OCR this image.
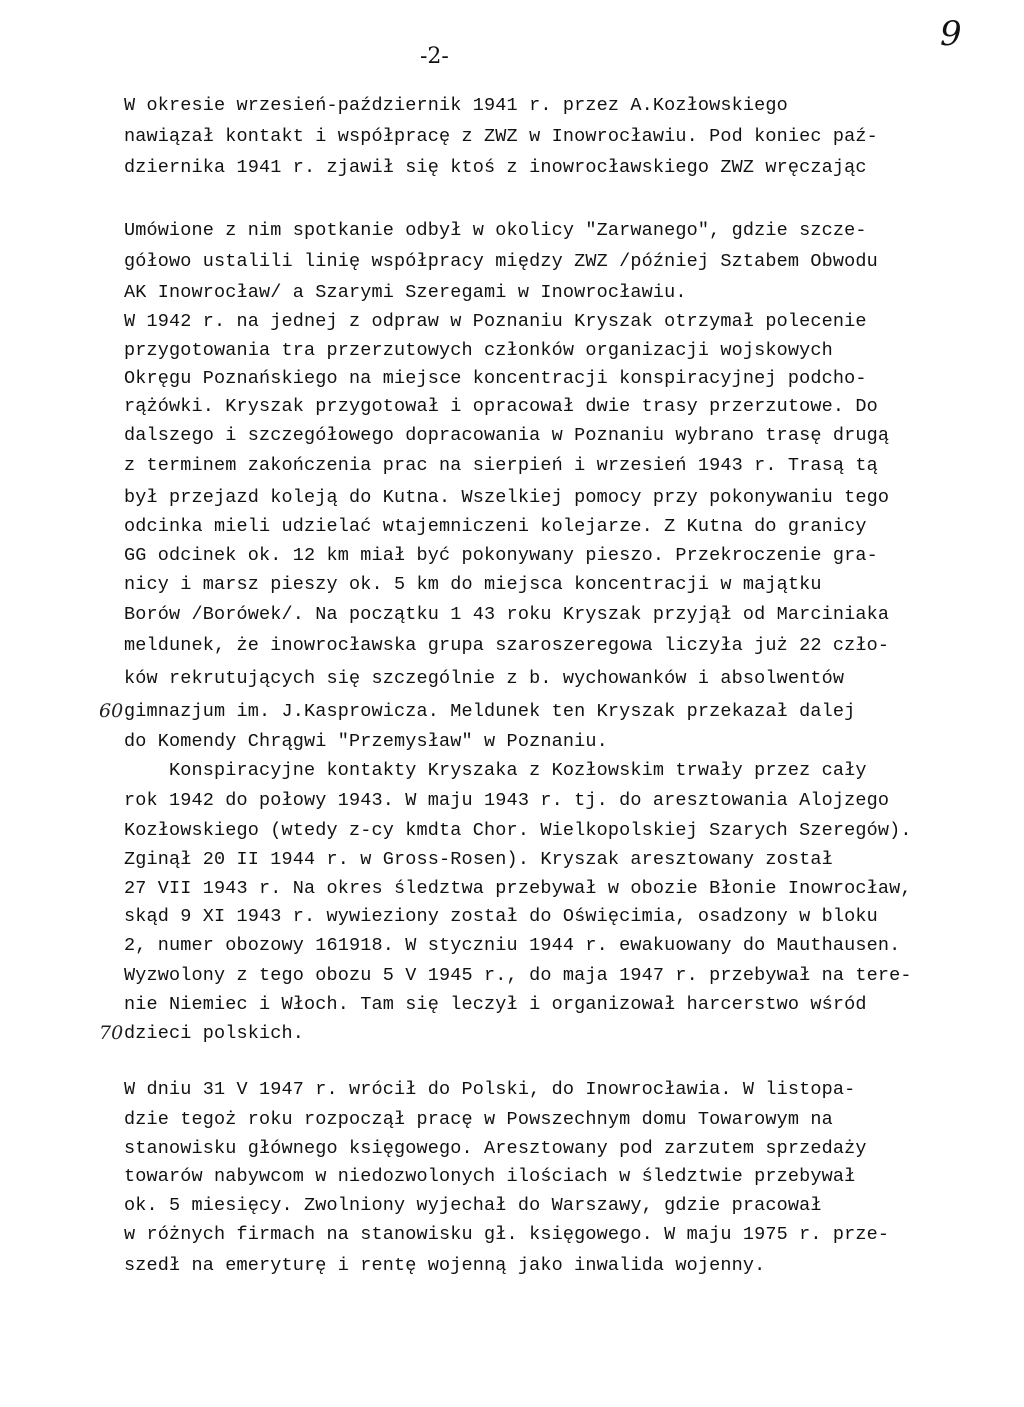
-2-
9
60
70
W okresie wrzesień-październik 1941 r. przez A.Kozłowskiego
nawiązał kontakt i współpracę z ZWZ w Inowrocławiu. Pod koniec paź-
dziernika 1941 r. zjawił się ktoś z inowrocławskiego ZWZ wręczając
Umówione z nim spotkanie odbył w okolicy "Zarwanego", gdzie szcze-
gółowo ustalili linię współpracy między ZWZ /później Sztabem Obwodu
AK Inowrocław/ a Szarymi Szeregami w Inowrocławiu.
W 1942 r. na jednej z odpraw w Poznaniu Kryszak otrzymał polecenie
przygotowania tra przerzutowych członków organizacji wojskowych
Okręgu Poznańskiego na miejsce koncentracji konspiracyjnej podcho-
rążówki. Kryszak przygotował i opracował dwie trasy przerzutowe. Do
dalszego i szczegółowego dopracowania w Poznaniu wybrano trasę drugą
z terminem zakończenia prac na sierpień i wrzesień 1943 r. Trasą tą
był przejazd koleją do Kutna. Wszelkiej pomocy przy pokonywaniu tego
odcinka mieli udzielać wtajemniczeni kolejarze. Z Kutna do granicy
GG odcinek ok. 12 km miał być pokonywany pieszo. Przekroczenie gra-
nicy i marsz pieszy ok. 5 km do miejsca koncentracji w majątku
Borów /Borówek/. Na początku 1 43 roku Kryszak przyjął od Marciniaka
meldunek, że inowrocławska grupa szaroszeregowa liczyła już 22 czło-
ków rekrutujących się szczególnie z b. wychowanków i absolwentów
gimnazjum im. J.Kasprowicza. Meldunek ten Kryszak przekazał dalej
do Komendy Chrągwi "Przemysław" w Poznaniu.
Konspiracyjne kontakty Kryszaka z Kozłowskim trwały przez cały
rok 1942 do połowy 1943. W maju 1943 r. tj. do aresztowania Alojzego
Kozłowskiego (wtedy z-cy kmdta Chor. Wielkopolskiej Szarych Szeregów).
Zginął 20 II 1944 r. w Gross-Rosen). Kryszak aresztowany został
27 VII 1943 r. Na okres śledztwa przebywał w obozie Błonie Inowrocław,
skąd 9 XI 1943 r. wywieziony został do Oświęcimia, osadzony w bloku
2, numer obozowy 161918. W styczniu 1944 r. ewakuowany do Mauthausen.
Wyzwolony z tego obozu 5 V 1945 r., do maja 1947 r. przebywał na tere-
nie Niemiec i Włoch. Tam się leczył i organizował harcerstwo wśród
dzieci polskich.
W dniu 31 V 1947 r. wrócił do Polski, do Inowrocławia. W listopa-
dzie tegoż roku rozpoczął pracę w Powszechnym domu Towarowym na
stanowisku głównego księgowego. Aresztowany pod zarzutem sprzedaży
towarów nabywcom w niedozwolonych ilościach w śledztwie przebywał
ok. 5 miesięcy. Zwolniony wyjechał do Warszawy, gdzie pracował
w różnych firmach na stanowisku gł. księgowego. W maju 1975 r. prze-
szedł na emeryturę i rentę wojenną jako inwalida wojenny.
